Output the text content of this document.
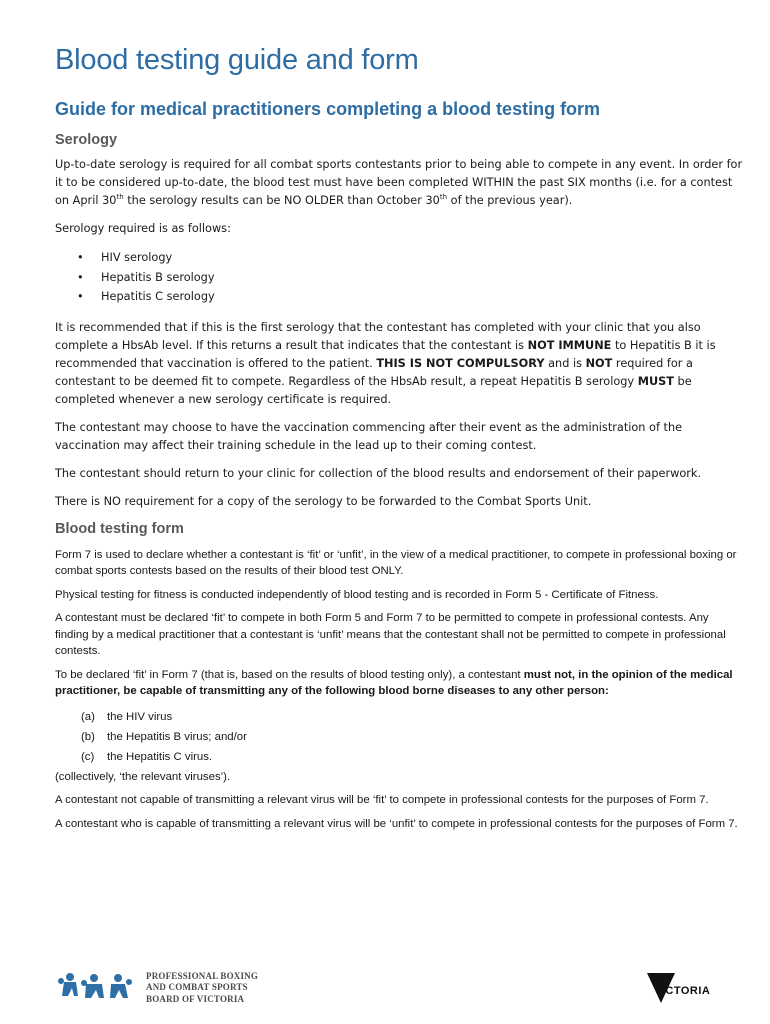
Blood testing guide and form
Guide for medical practitioners completing a blood testing form
Serology

Up-to-date serology is required for all combat sports contestants prior to being able to compete in any event. In order for it to be considered up-to-date, the blood test must have been completed WITHIN the past SIX months (i.e. for a contest on April 30th the serology results can be NO OLDER than October 30th of the previous year).

Serology required is as follows:

• HIV serology
• Hepatitis B serology
• Hepatitis C serology

It is recommended that if this is the first serology that the contestant has completed with your clinic that you also complete a HbsAb level. If this returns a result that indicates that the contestant is NOT IMMUNE to Hepatitis B it is recommended that vaccination is offered to the patient. THIS IS NOT COMPULSORY and is NOT required for a contestant to be deemed fit to compete. Regardless of the HbsAb result, a repeat Hepatitis B serology MUST be completed whenever a new serology certificate is required.

The contestant may choose to have the vaccination commencing after their event as the administration of the vaccination may affect their training schedule in the lead up to their coming contest.

The contestant should return to your clinic for collection of the blood results and endorsement of their paperwork.

There is NO requirement for a copy of the serology to be forwarded to the Combat Sports Unit.

Blood testing form

Form 7 is used to declare whether a contestant is ‘fit’ or ‘unfit’, in the view of a medical practitioner, to compete in professional boxing or combat sports contests based on the results of their blood test ONLY.

Physical testing for fitness is conducted independently of blood testing and is recorded in Form 5 - Certificate of Fitness.

A contestant must be declared ‘fit’ to compete in both Form 5 and Form 7 to be permitted to compete in professional contests. Any finding by a medical practitioner that a contestant is ‘unfit’ means that the contestant shall not be permitted to compete in professional contests.

To be declared ‘fit’ in Form 7 (that is, based on the results of blood testing only), a contestant must not, in the opinion of the medical practitioner, be capable of transmitting any of the following blood borne diseases to any other person:

(a) the HIV virus
(b) the Hepatitis B virus; and/or
(c) the Hepatitis C virus.

(collectively, ‘the relevant viruses’).

A contestant not capable of transmitting a relevant virus will be ‘fit’ to compete in professional contests for the purposes of Form 7.

A contestant who is capable of transmitting a relevant virus will be ‘unfit’ to compete in professional contests for the purposes of Form 7.

PROFESSIONAL BOXING
AND COMBAT SPORTS
BOARD OF VICTORIA
VICTORIA
